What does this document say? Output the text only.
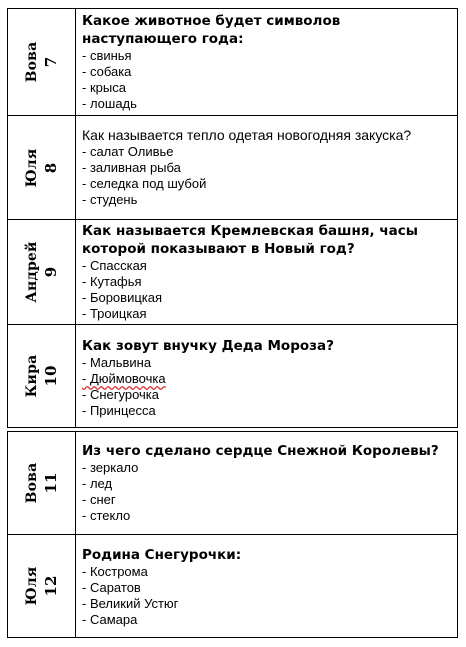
Вова 7

Какое животное будет символов наступающего года:

- свинья

- собака

- крыса

- лошадь

Юля 8

Как называется тепло одетая новогодняя закуска?

- салат Оливье

- заливная рыба

- селедка под шубой

- студень

Андрей 9

Как называется Кремлевская башня, часы которой показывают в Новый год?

- Спасская

- Кутафья

- Боровицкая

- Троицкая

Кира 10

Как зовут внучку Деда Мороза?

- Мальвина

- Дюймовочка

- Снегурочка

- Принцесса

Вова 11

Из чего сделано сердце Снежной Королевы?

- зеркало

- лед

- снег

- стекло

Юля 12

Родина Снегурочки:

- Кострома

- Саратов

- Великий Устюг

- Самара
